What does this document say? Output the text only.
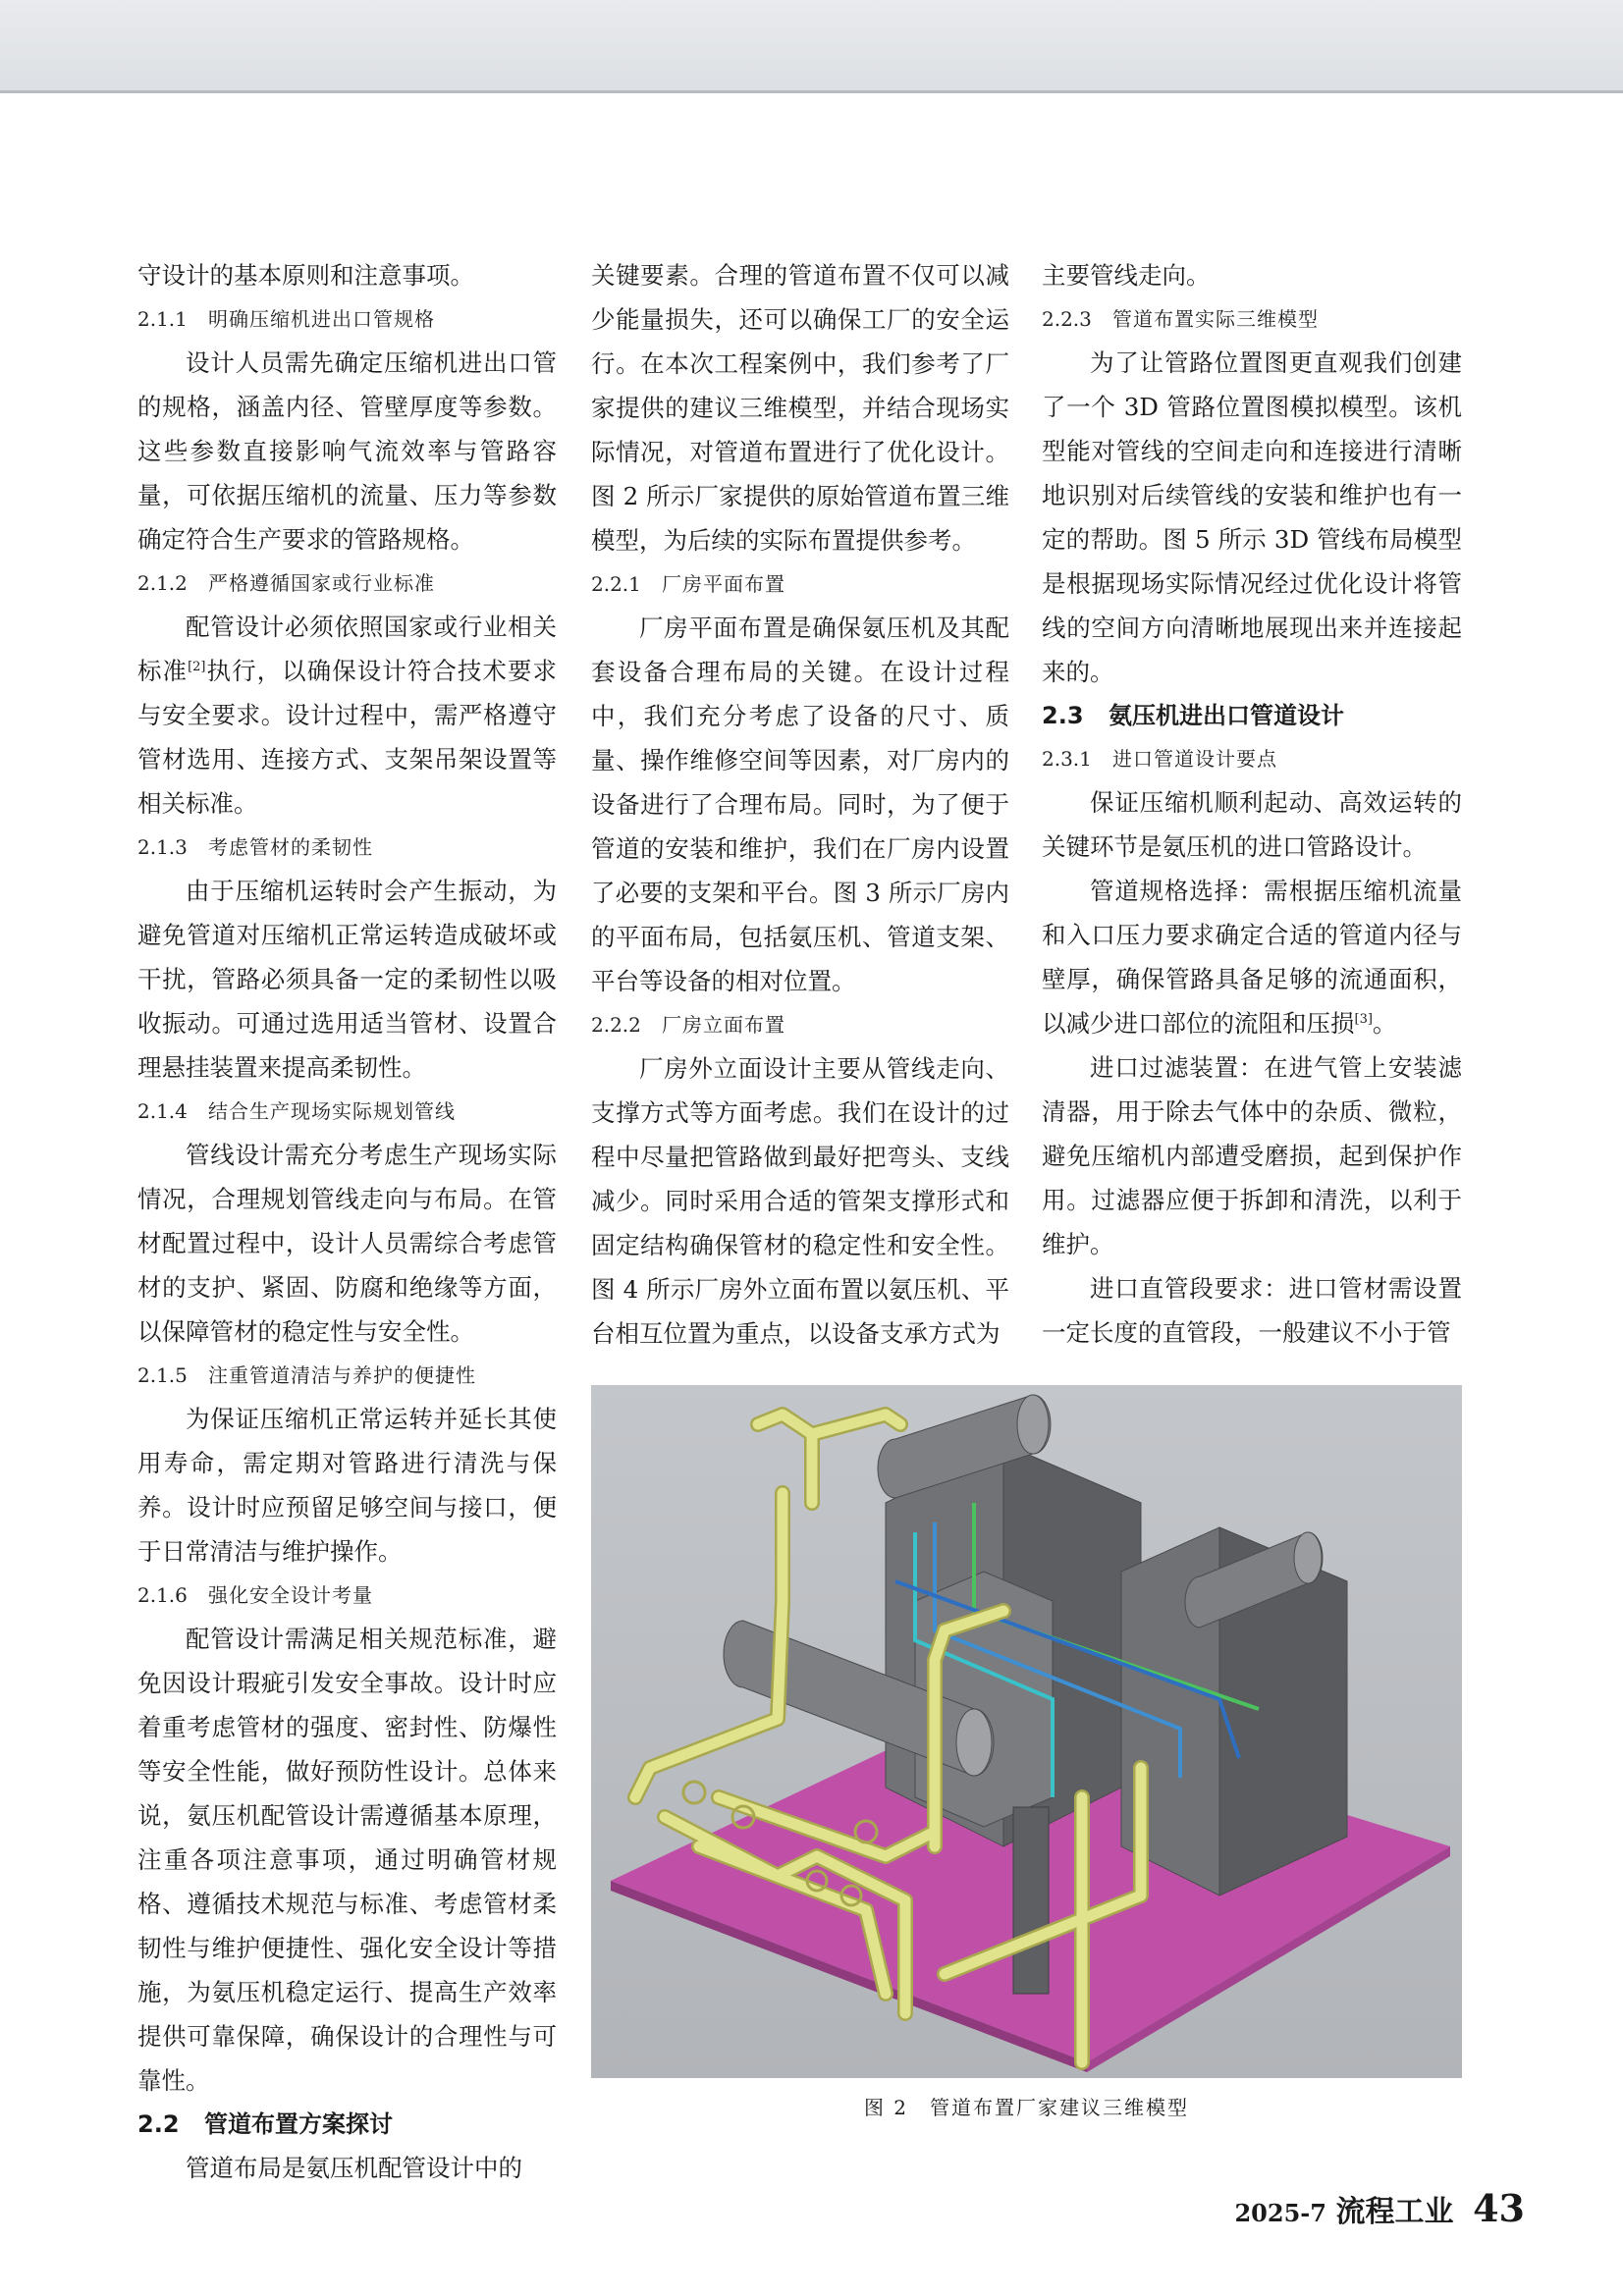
守设计的基本原则和注意事项。

2.1.1 明确压缩机进出口管规格

设计人员需先确定压缩机进出口管的规格，涵盖内径、管壁厚度等参数。这些参数直接影响气流效率与管路容量，可依据压缩机的流量、压力等参数确定符合生产要求的管路规格。

2.1.2 严格遵循国家或行业标准

配管设计必须依照国家或行业相关标准[2]执行，以确保设计符合技术要求与安全要求。设计过程中，需严格遵守管材选用、连接方式、支架吊架设置等相关标准。

2.1.3 考虑管材的柔韧性

由于压缩机运转时会产生振动，为避免管道对压缩机正常运转造成破坏或干扰，管路必须具备一定的柔韧性以吸收振动。可通过选用适当管材、设置合理悬挂装置来提高柔韧性。

2.1.4 结合生产现场实际规划管线

管线设计需充分考虑生产现场实际情况，合理规划管线走向与布局。在管材配置过程中，设计人员需综合考虑管材的支护、紧固、防腐和绝缘等方面，以保障管材的稳定性与安全性。

2.1.5 注重管道清洁与养护的便捷性

为保证压缩机正常运转并延长其使用寿命，需定期对管路进行清洗与保养。设计时应预留足够空间与接口，便于日常清洁与维护操作。

2.1.6 强化安全设计考量

配管设计需满足相关规范标准，避免因设计瑕疵引发安全事故。设计时应着重考虑管材的强度、密封性、防爆性等安全性能，做好预防性设计。总体来说，氨压机配管设计需遵循基本原理，注重各项注意事项，通过明确管材规格、遵循技术规范与标准、考虑管材柔韧性与维护便捷性、强化安全设计等措施，为氨压机稳定运行、提高生产效率提供可靠保障，确保设计的合理性与可靠性。

2.2 管道布置方案探讨

管道布局是氨压机配管设计中的

关键要素。合理的管道布置不仅可以减少能量损失，还可以确保工厂的安全运行。在本次工程案例中，我们参考了厂家提供的建议三维模型，并结合现场实际情况，对管道布置进行了优化设计。图 2 所示厂家提供的原始管道布置三维模型，为后续的实际布置提供参考。

2.2.1 厂房平面布置

厂房平面布置是确保氨压机及其配套设备合理布局的关键。在设计过程中，我们充分考虑了设备的尺寸、质量、操作维修空间等因素，对厂房内的设备进行了合理布局。同时，为了便于管道的安装和维护，我们在厂房内设置了必要的支架和平台。图 3 所示厂房内的平面布局，包括氨压机、管道支架、平台等设备的相对位置。

2.2.2 厂房立面布置

厂房外立面设计主要从管线走向、支撑方式等方面考虑。我们在设计的过程中尽量把管路做到最好把弯头、支线减少。同时采用合适的管架支撑形式和固定结构确保管材的稳定性和安全性。图 4 所示厂房外立面布置以氨压机、平台相互位置为重点，以设备支承方式为

主要管线走向。

2.2.3 管道布置实际三维模型

为了让管路位置图更直观我们创建了一个 3D 管路位置图模拟模型。该机型能对管线的空间走向和连接进行清晰地识别对后续管线的安装和维护也有一定的帮助。图 5 所示 3D 管线布局模型是根据现场实际情况经过优化设计将管线的空间方向清晰地展现出来并连接起来的。

2.3 氨压机进出口管道设计

2.3.1 进口管道设计要点

保证压缩机顺利起动、高效运转的关键环节是氨压机的进口管路设计。

管道规格选择：需根据压缩机流量和入口压力要求确定合适的管道内径与壁厚，确保管路具备足够的流通面积，以减少进口部位的流阻和压损[3]。

进口过滤装置：在进气管上安装滤清器，用于除去气体中的杂质、微粒，避免压缩机内部遭受磨损，起到保护作用。过滤器应便于拆卸和清洗，以利于维护。

进口直管段要求：进口管材需设置一定长度的直管段，一般建议不小于管

图 2　管道布置厂家建议三维模型

2025-7 流程工业 43
